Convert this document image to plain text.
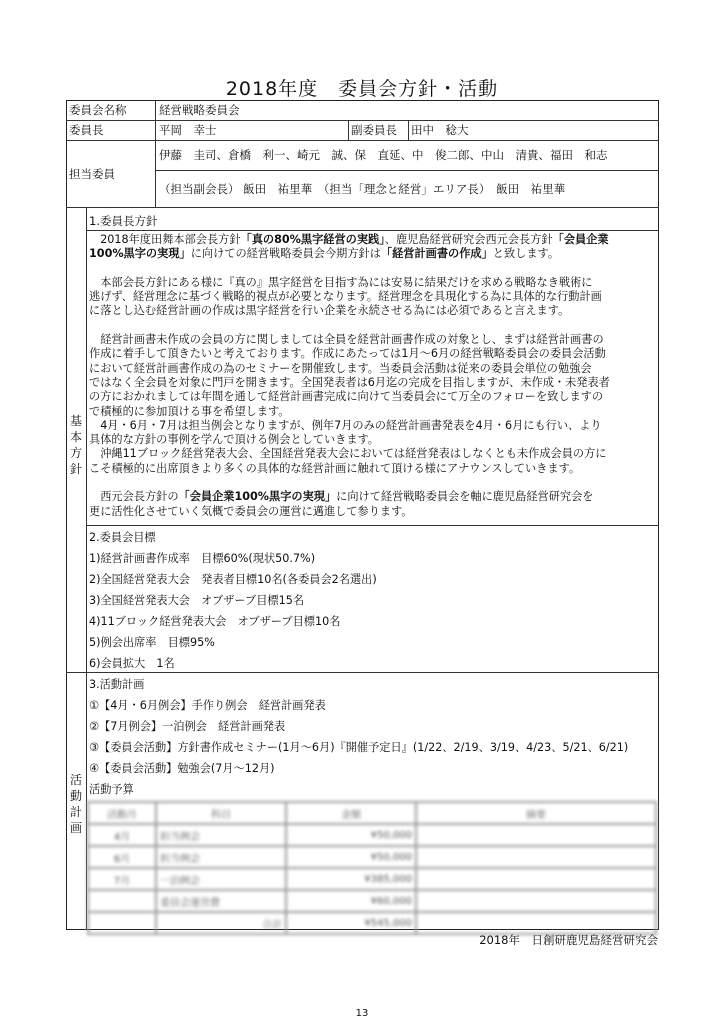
2018年度　委員会方針・活動
委員会名称	経営戦略委員会
委員長	平岡　幸士	副委員長 田中　稔大
担当委員
伊藤　圭司、倉橋　利一、崎元　誠、保　直延、中　俊二郎、中山　清貴、福田　和志
（担当副会長） 飯田　祐里華　（担当「理念と経営」エリア長）　飯田　祐里華
基本方針
活動計画
1.委員長方針
　2018年度田舞本部会長方針「真の80%黒字経営の実践」、鹿児島経営研究会西元会長方針「会員企業
100%黒字の実現」に向けての経営戦略委員会今期方針は「経営計画書の作成」と致します。
　本部会長方針にある様に『真の』黒字経営を目指す為には安易に結果だけを求める戦略なき戦術に
逃げず、経営理念に基づく戦略的視点が必要となります。経営理念を具現化する為に具体的な行動計画
に落とし込む経営計画の作成は黒字経営を行い企業を永続させる為には必須であると言えます。
　経営計画書未作成の会員の方に関しましては全員を経営計画書作成の対象とし、まずは経営計画書の
作成に着手して頂きたいと考えております。作成にあたっては1月～6月の経営戦略委員会の委員会活動
において経営計画書作成の為のセミナーを開催致します。当委員会活動は従来の委員会単位の勉強会
ではなく全会員を対象に門戸を開きます。全国発表者は6月迄の完成を目指しますが、未作成・未発表者
の方におかれましては年間を通して経営計画書完成に向けて当委員会にて万全のフォローを致しますの
で積極的に参加頂ける事を希望します。
　4月・6月・7月は担当例会となりますが、例年7月のみの経営計画書発表を4月・6月にも行い、より
具体的な方針の事例を学んで頂ける例会としていきます。
　沖縄11ブロック経営発表大会、全国経営発表大会においては経営発表はしなくとも未作成会員の方に
こそ積極的に出席頂きより多くの具体的な経営計画に触れて頂ける様にアナウンスしていきます。
　西元会長方針の「会員企業100%黒字の実現」に向けて経営戦略委員会を軸に鹿児島経営研究会を
更に活性化させていく気概で委員会の運営に邁進して参ります。
2.委員会目標
1)経営計画書作成率　目標60%(現状50.7%)
2)全国経営発表大会　発表者目標10名(各委員会2名選出)
3)全国経営発表大会　オブザーブ目標15名
4)11ブロック経営発表大会　オブザーブ目標10名
5)例会出席率　目標95%
6)会員拡大　1名
3.活動計画
①【4月・6月例会】手作り例会　経営計画発表
②【7月例会】一泊例会　経営計画発表
③【委員会活動】方針書作成セミナー(1月～6月)『開催予定日』(1/22、2/19、3/19、4/23、5/21、6/21)
④【委員会活動】勉強会(7月～12月)
活動予算
活動月	科目	金額	摘要
4月	担当例会	¥50,000	
6月	担当例会	¥50,000	
7月	一泊例会	¥385,000	
	委員会運営費	¥60,000	
	合計	¥545,000	
2018年　日創研鹿児島経営研究会
13
